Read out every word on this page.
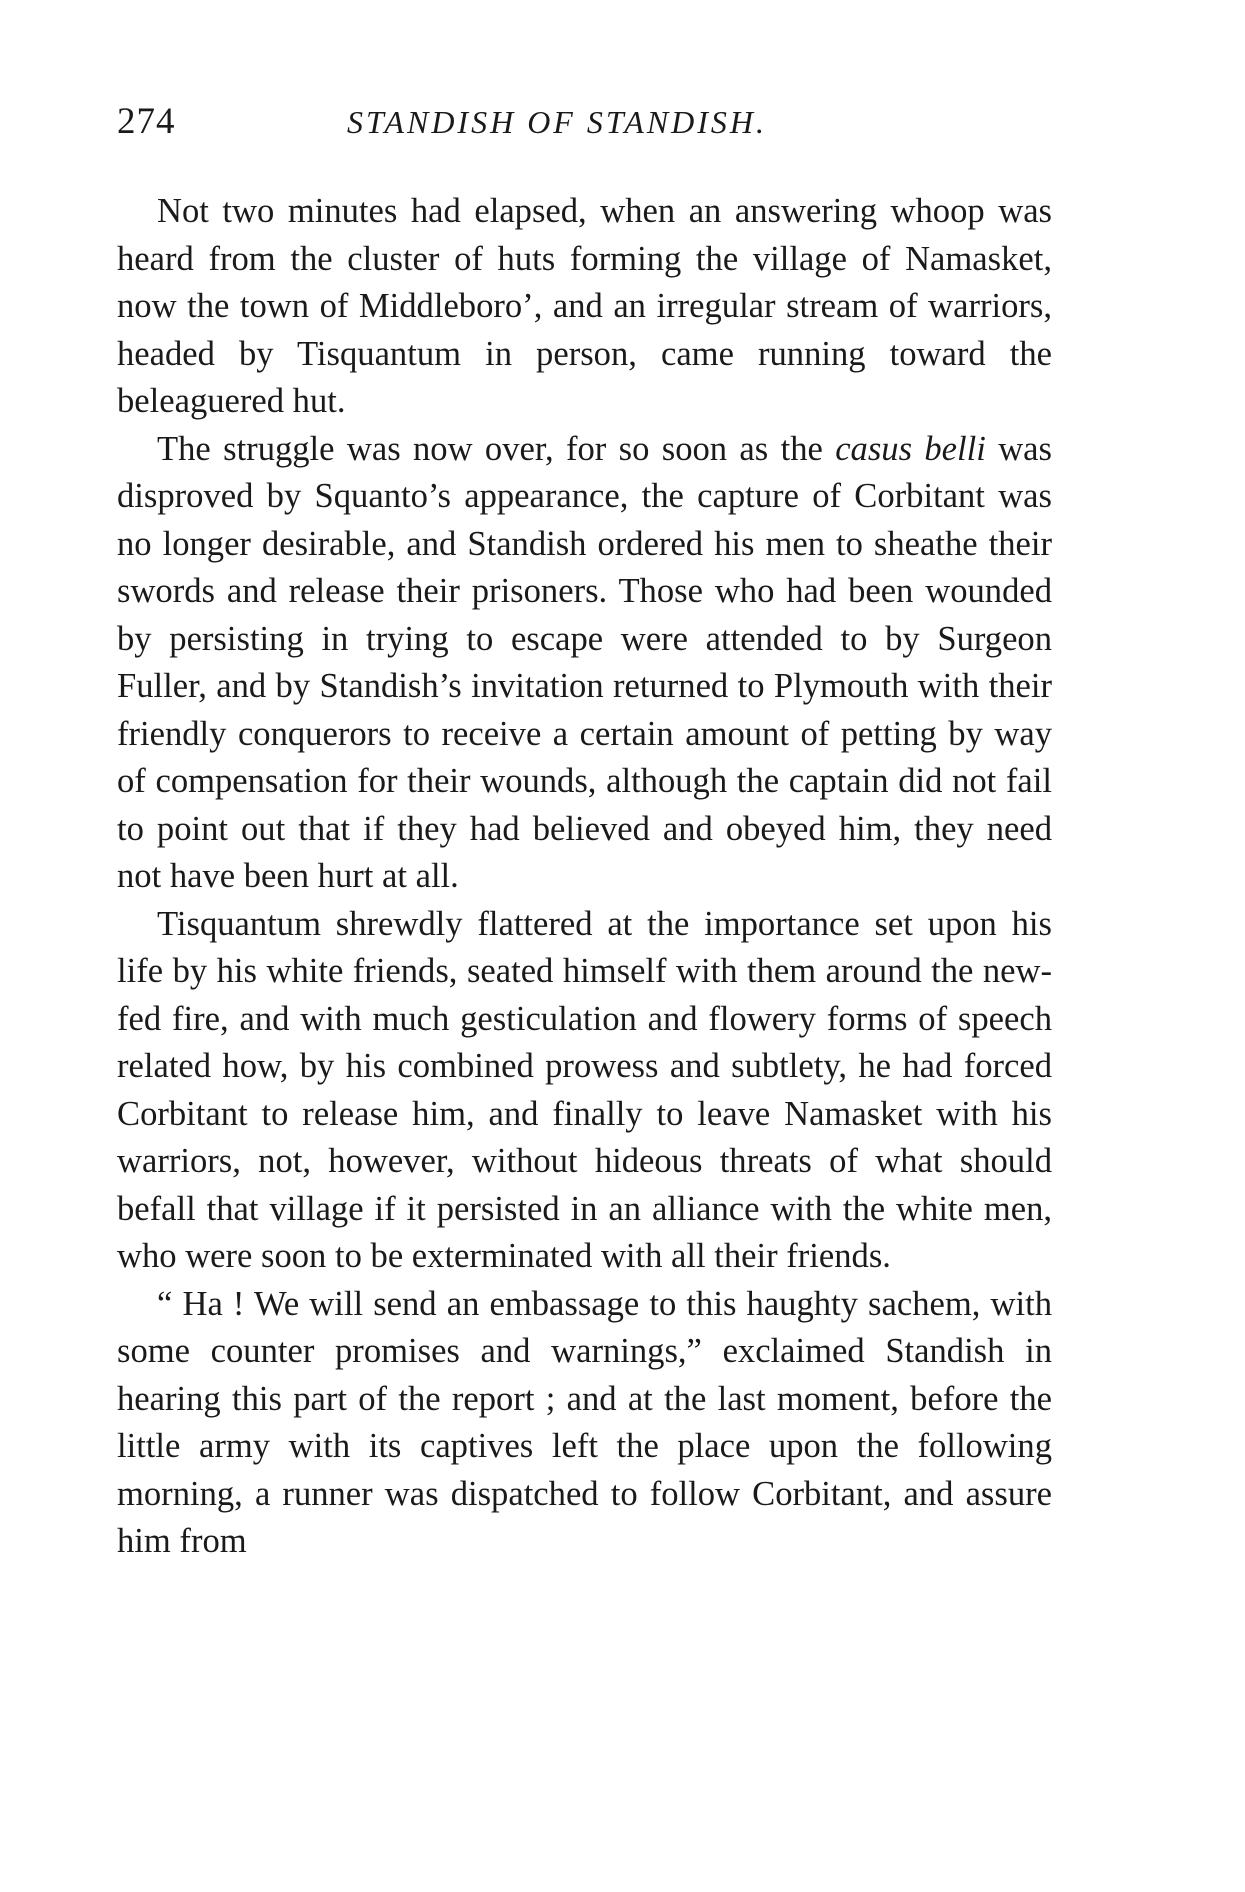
274	STANDISH OF STANDISH.

Not two minutes had elapsed, when an answering whoop was heard from the cluster of huts forming the village of Namasket, now the town of Middleboro’, and an irregular stream of warriors, headed by Tisquantum in person, came running toward the beleaguered hut.

The struggle was now over, for so soon as the casus belli was disproved by Squanto’s appearance, the capture of Corbitant was no longer desirable, and Standish ordered his men to sheathe their swords and release their prisoners. Those who had been wounded by persisting in trying to escape were attended to by Surgeon Fuller, and by Standish’s invitation returned to Plymouth with their friendly conquerors to receive a certain amount of petting by way of compensation for their wounds, although the captain did not fail to point out that if they had believed and obeyed him, they need not have been hurt at all.

Tisquantum shrewdly flattered at the importance set upon his life by his white friends, seated himself with them around the new-fed fire, and with much gesticulation and flowery forms of speech related how, by his combined prowess and subtlety, he had forced Corbitant to release him, and finally to leave Namasket with his warriors, not, however, without hideous threats of what should befall that village if it persisted in an alliance with the white men, who were soon to be exterminated with all their friends.

“ Ha ! We will send an embassage to this haughty sachem, with some counter promises and warnings,” exclaimed Standish in hearing this part of the report ; and at the last moment, before the little army with its captives left the place upon the following morning, a runner was dispatched to follow Corbitant, and assure him from
